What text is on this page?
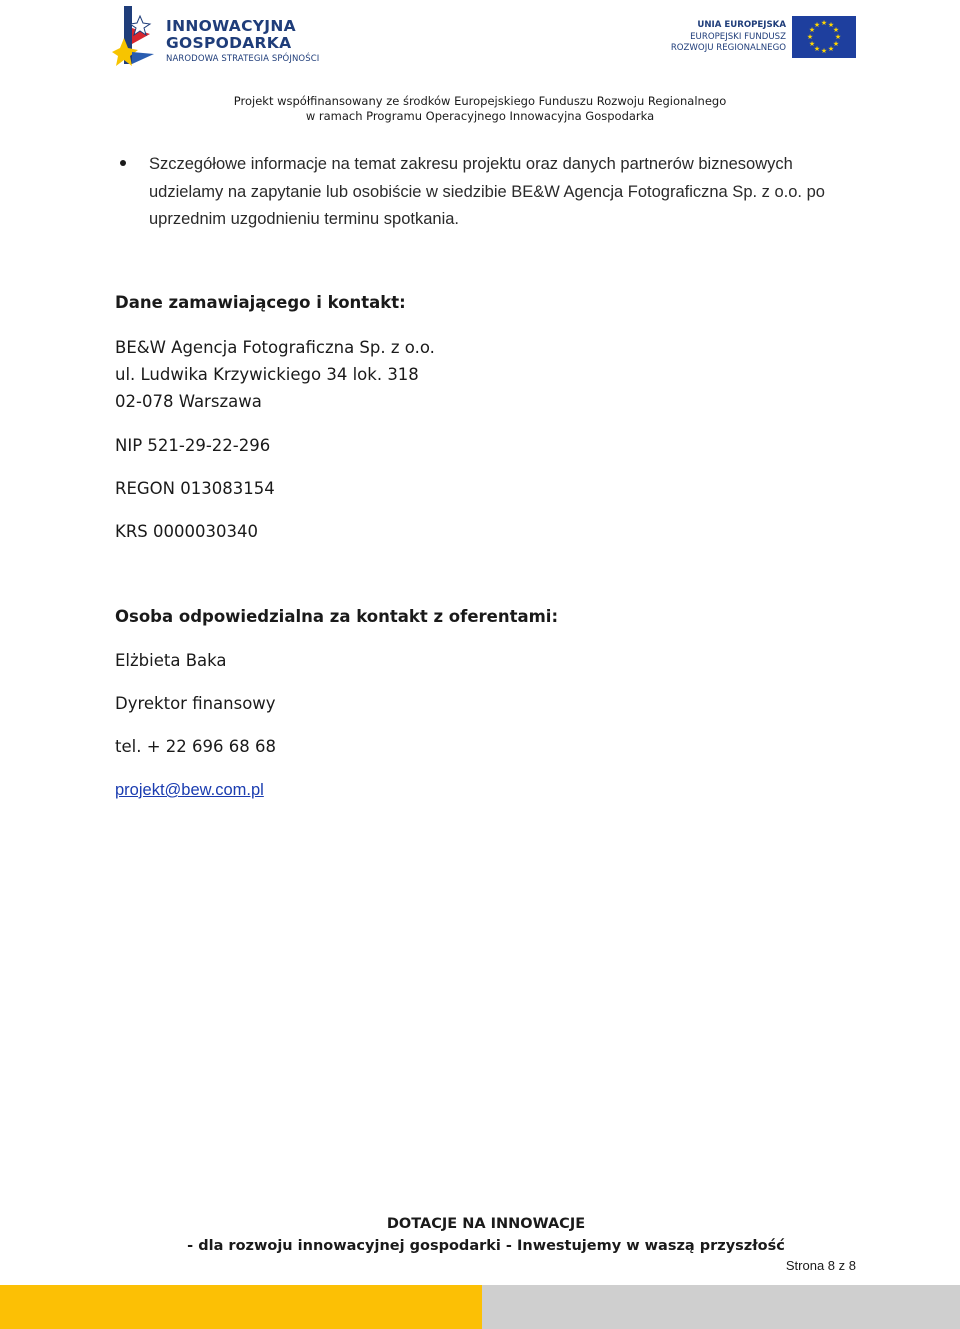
INNOWACYJNA
GOSPODARKA
NARODOWA STRATEGIA SPÓJNOŚCI
UNIA EUROPEJSKA
EUROPEJSKI FUNDUSZ
ROZWOJU REGIONALNEGO
★ ★
★
★
★
★
★
★
★
★
★
★
Projekt współfinansowany ze środków Europejskiego Funduszu Rozwoju Regionalnego
w ramach Programu Operacyjnego Innowacyjna Gospodarka
Szczegółowe informacje na temat zakresu projektu oraz danych partnerów biznesowych udzielamy na zapytanie lub osobiście w siedzibie BE&W Agencja Fotograficzna Sp. z o.o. po uprzednim uzgodnieniu terminu spotkania.
Dane zamawiającego i kontakt:
BE&W Agencja Fotograficzna Sp. z o.o.
ul. Ludwika Krzywickiego 34 lok. 318
02-078 Warszawa
NIP 521-29-22-296
REGON 013083154
KRS 0000030340
Osoba odpowiedzialna za kontakt z oferentami:
Elżbieta Baka
Dyrektor finansowy
tel. + 22 696 68 68
projekt@bew.com.pl
DOTACJE NA INNOWACJE
- dla rozwoju innowacyjnej gospodarki - Inwestujemy w waszą przyszłość
Strona 8 z 8
